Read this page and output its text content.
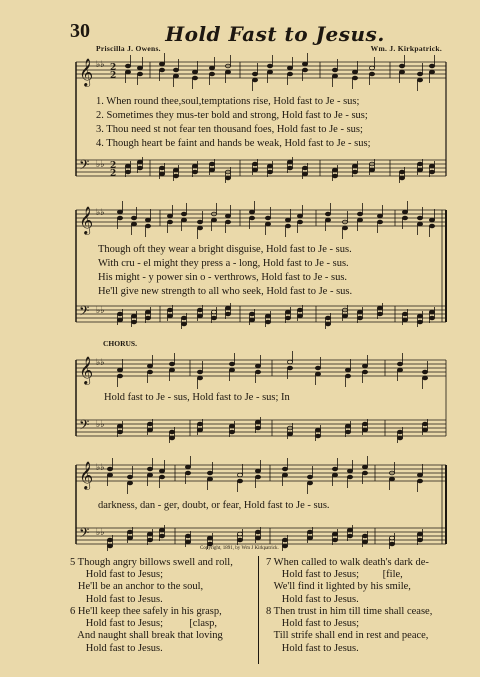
30	Hold Fast to Jesus.
Priscilla J. Owens.	Wm. J. Kirkpatrick.
𝄞
𝄢
𝄞
𝄢
𝄞
𝄢
𝄞
𝄢
♭♭
♭♭
♭♭
♭♭
♭♭
♭♭
♭♭
♭♭
2
2
2
2
1. When round thee,soul,temptations rise, Hold fast to Je - sus;
2. Sometimes they mus-ter bold and strong, Hold fast to Je - sus;
3. Thou need st not fear ten thousand foes, Hold fast to Je - sus;
4. Though heart be faint and hands be weak, Hold fast to Je - sus;
Though oft they wear a bright disguise, Hold fast to Je - sus.
With cru - el might they press a - long, Hold fast to Je - sus.
His might - y power sin o - verthrows, Hold fast to Je - sus.
He'll give new strength to all who seek, Hold fast to Je - sus.
CHORUS.
Hold fast to Je - sus, Hold fast to Je - sus; In
darkness, dan - ger, doubt, or fear, Hold fast to Je - sus.
Copyright, 1891, by Wm J Kirkpatrick.
5 Though angry billows swell and roll,
Hold fast to Jesus;
He'll be an anchor to the soul,
Hold fast to Jesus.
6 He'll keep thee safely in his grasp,
Hold fast to Jesus;          [clasp,
And naught shall break that loving
Hold fast to Jesus.
7 When called to walk death's dark de-
Hold fast to Jesus;         [file,
We'll find it lighted by his smile,
Hold fast to Jesus.
8 Then trust in him till time shall cease,
Hold fast to Jesus;
Till strife shall end in rest and peace,
Hold fast to Jesus.
